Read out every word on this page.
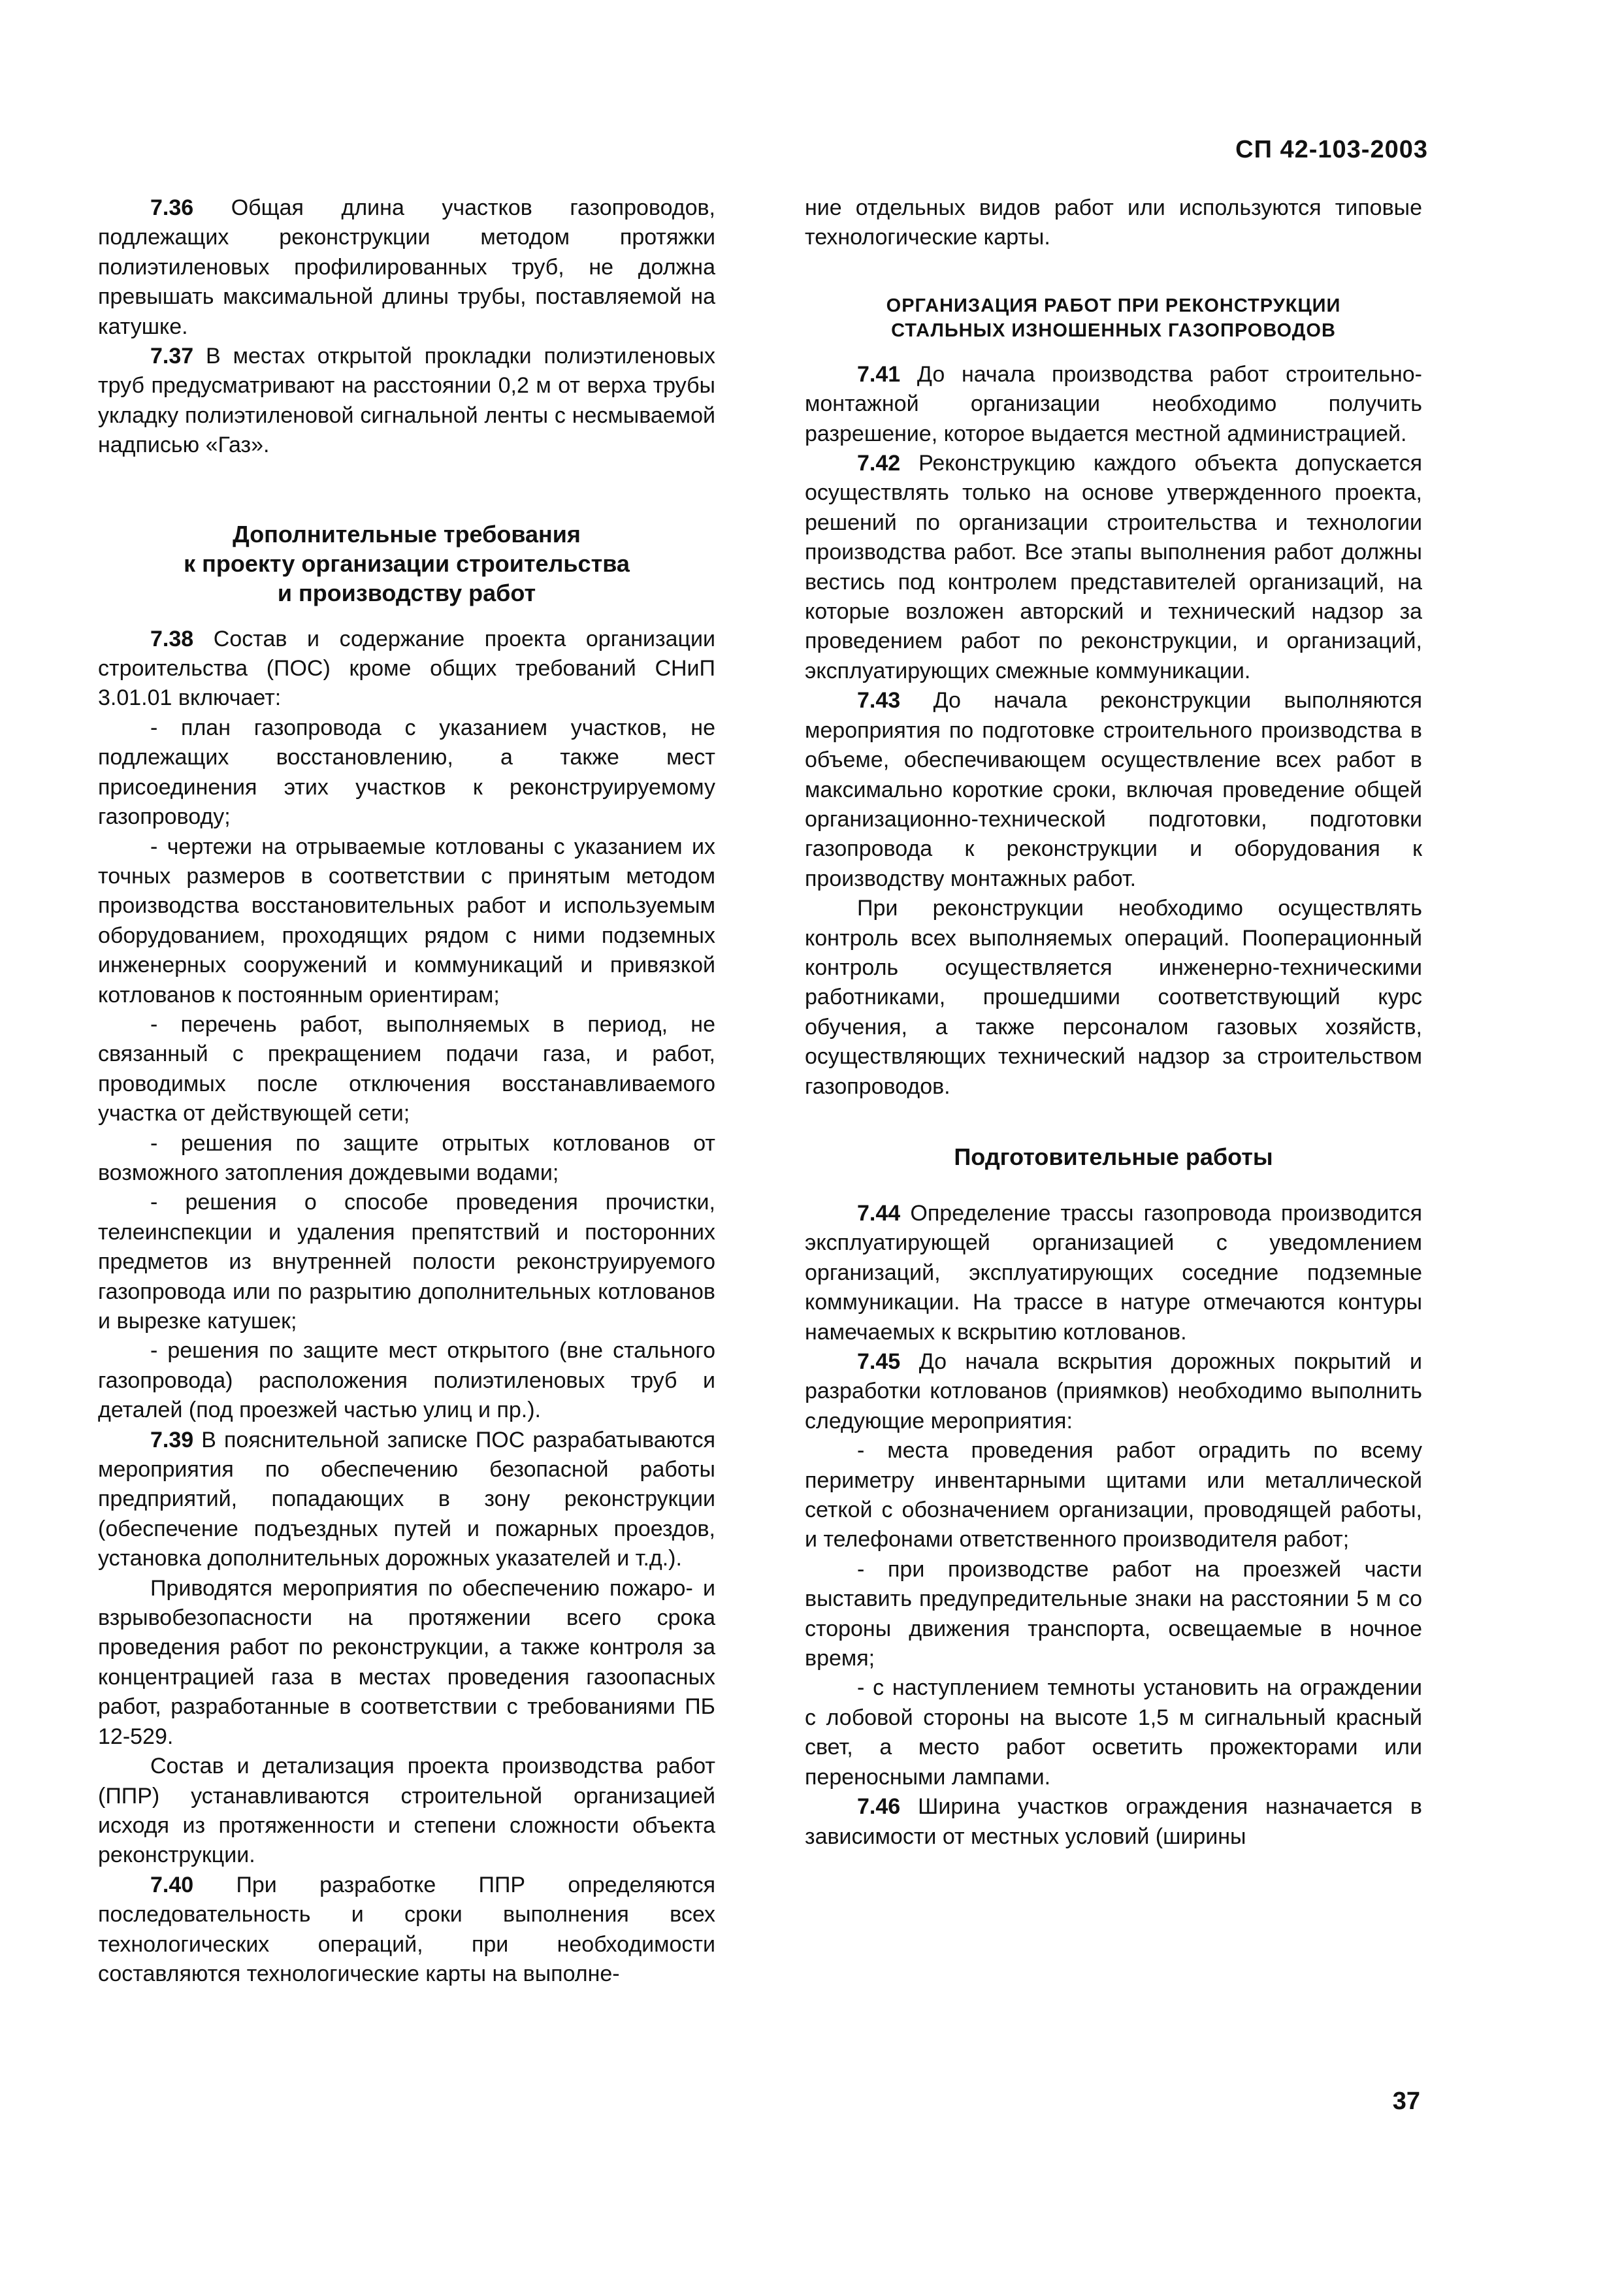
СП 42-103-2003

7.36 Общая длина участков газопроводов, подлежащих реконструкции методом протяжки полиэтиленовых профилированных труб, не должна превышать максимальной длины трубы, поставляемой на катушке.

7.37 В местах открытой прокладки полиэтиленовых труб предусматривают на расстоянии 0,2 м от верха трубы укладку полиэтиленовой сигнальной ленты с несмываемой надписью «Газ».

Дополнительные требования
к проекту организации строительства
и производству работ

7.38 Состав и содержание проекта организации строительства (ПОС) кроме общих требований СНиП 3.01.01 включает:

- план газопровода с указанием участков, не подлежащих восстановлению, а также мест присоединения этих участков к реконструируемому газопроводу;

- чертежи на отрываемые котлованы с указанием их точных размеров в соответствии с принятым методом производства восстановительных работ и используемым оборудованием, проходящих рядом с ними подземных инженерных сооружений и коммуникаций и привязкой котлованов к постоянным ориентирам;

- перечень работ, выполняемых в период, не связанный с прекращением подачи газа, и работ, проводимых после отключения восстанавливаемого участка от действующей сети;

- решения по защите отрытых котлованов от возможного затопления дождевыми водами;

- решения о способе проведения прочистки, телеинспекции и удаления препятствий и посторонних предметов из внутренней полости реконструируемого газопровода или по разрытию дополнительных котлованов и вырезке катушек;

- решения по защите мест открытого (вне стального газопровода) расположения полиэтиленовых труб и деталей (под проезжей частью улиц и пр.).

7.39 В пояснительной записке ПОС разрабатываются мероприятия по обеспечению безопасной работы предприятий, попадающих в зону реконструкции (обеспечение подъездных путей и пожарных проездов, установка дополнительных дорожных указателей и т.д.).

Приводятся мероприятия по обеспечению пожаро- и взрывобезопасности на протяжении всего срока проведения работ по реконструкции, а также контроля за концентрацией газа в местах проведения газоопасных работ, разработанные в соответствии с требованиями ПБ 12-529.

Состав и детализация проекта производства работ (ППР) устанавливаются строительной организацией исходя из протяженности и степени сложности объекта реконструкции.

7.40 При разработке ППР определяются последовательность и сроки выполнения всех технологических операций, при необходимости составляются технологические карты на выполне-

ние отдельных видов работ или используются типовые технологические карты.

ОРГАНИЗАЦИЯ РАБОТ ПРИ РЕКОНСТРУКЦИИ
СТАЛЬНЫХ ИЗНОШЕННЫХ ГАЗОПРОВОДОВ

7.41 До начала производства работ строительно-монтажной организации необходимо получить разрешение, которое выдается местной администрацией.

7.42 Реконструкцию каждого объекта допускается осуществлять только на основе утвержденного проекта, решений по организации строительства и технологии производства работ. Все этапы выполнения работ должны вестись под контролем представителей организаций, на которые возложен авторский и технический надзор за проведением работ по реконструкции, и организаций, эксплуатирующих смежные коммуникации.

7.43 До начала реконструкции выполняются мероприятия по подготовке строительного производства в объеме, обеспечивающем осуществление всех работ в максимально короткие сроки, включая проведение общей организационно-технической подготовки, подготовки газопровода к реконструкции и оборудования к производству монтажных работ.

При реконструкции необходимо осуществлять контроль всех выполняемых операций. Пооперационный контроль осуществляется инженерно-техническими работниками, прошедшими соответствующий курс обучения, а также персоналом газовых хозяйств, осуществляющих технический надзор за строительством газопроводов.

Подготовительные работы

7.44 Определение трассы газопровода производится эксплуатирующей организацией с уведомлением организаций, эксплуатирующих соседние подземные коммуникации. На трассе в натуре отмечаются контуры намечаемых к вскрытию котлованов.

7.45 До начала вскрытия дорожных покрытий и разработки котлованов (приямков) необходимо выполнить следующие мероприятия:

- места проведения работ оградить по всему периметру инвентарными щитами или металлической сеткой с обозначением организации, проводящей работы, и телефонами ответственного производителя работ;

- при производстве работ на проезжей части выставить предупредительные знаки на расстоянии 5 м со стороны движения транспорта, освещаемые в ночное время;

- с наступлением темноты установить на ограждении с лобовой стороны на высоте 1,5 м сигнальный красный свет, а место работ осветить прожекторами или переносными лампами.

7.46 Ширина участков ограждения назначается в зависимости от местных условий (ширины

37
